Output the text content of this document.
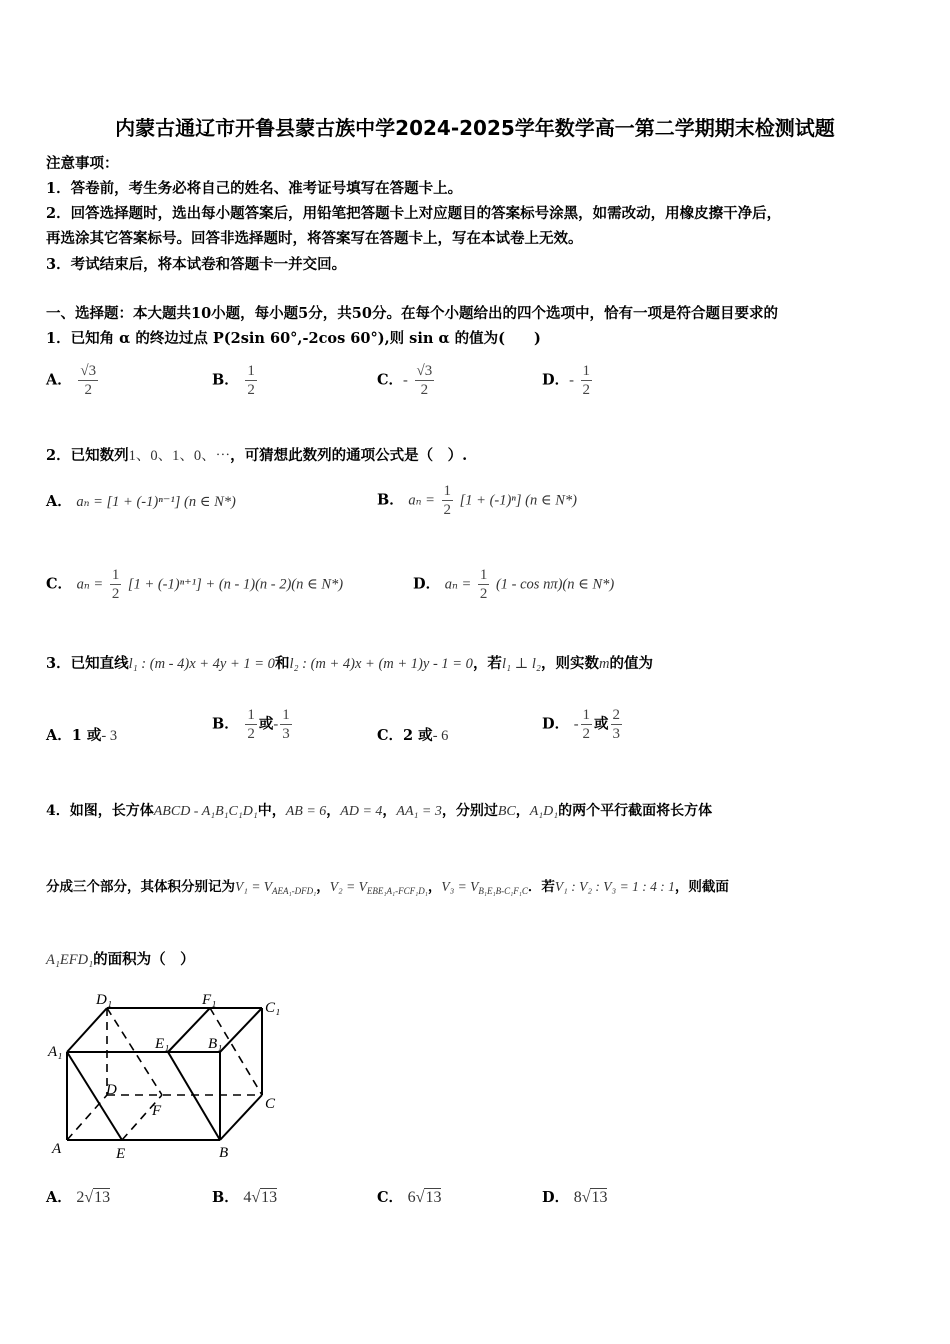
内蒙古通辽市开鲁县蒙古族中学2024-2025学年数学高一第二学期期末检测试题
注意事项：
1．答卷前，考生务必将自己的姓名、准考证号填写在答题卡上。
2．回答选择题时，选出每小题答案后，用铅笔把答题卡上对应题目的答案标号涂黑，如需改动，用橡皮擦干净后，
再选涂其它答案标号。回答非选择题时，将答案写在答题卡上，写在本试卷上无效。
3．考试结束后，将本试卷和答题卡一并交回。
一、选择题：本大题共10小题，每小题5分，共50分。在每个小题给出的四个选项中，恰有一项是符合题目要求的
1．已知角 α 的终边过点 P(2sin 60°,-2cos 60°),则 sin α 的值为(　　)
A． $\frac{√3}{2}$	B． $\frac{1}{2}$	C．- $\frac{√3}{2}$	D．- $\frac{1}{2}$
2．已知数列1、0、1、0、⋯，可猜想此数列的通项公式是（　）.
A． aₙ = [1 + (-1)ⁿ⁻¹] (n ∈ N*)	B． $a_n = \frac{1}{2} [1 + (-1)^n]$ (n ∈ N*)
C． $a_n = \frac{1}{2} [1 + (-1)^{n+1}] + (n - 1)(n - 2)(n$ ∈ N*)	D． $a_n = \frac{1}{2} (1 - \cos n\pi)(n$ ∈ N*)
3．已知直线l₁ : (m - 4)x + 4y + 1 = 0和l₂ : (m + 4)x + (m + 1)y - 1 = 0，若l₁ ⊥ l₂，则实数m的值为
A．1 或- 3
B． $\frac{1}{2}$ 或- $\frac{1}{3}$	C．2 或- 6
D． - $\frac{1}{2}$ 或 $\frac{2}{3}$
4．如图，长方体ABCD - A₁B₁C₁D₁中，AB = 6，AD = 4，AA₁ = 3，分别过BC，A₁D₁的两个平行截面将长方体
分成三个部分，其体积分别记为$V_1 = V_{AEA_1-DFD_1}$，$V_2 = V_{EBE_1A_1-FCF_1D_1}$，$V_3 = V_{B_1E_1B-C_1F_1C}$．若V₁ : V₂ : V₃ = 1 : 4 : 1，则截面
A₁EFD₁的面积为（　）
D₁	F₁	C₁
A₁	E₁	B₁
D
F	C
A	E	B
A． 2√13	B． 4√13	C． 6√13	D． 8√13
